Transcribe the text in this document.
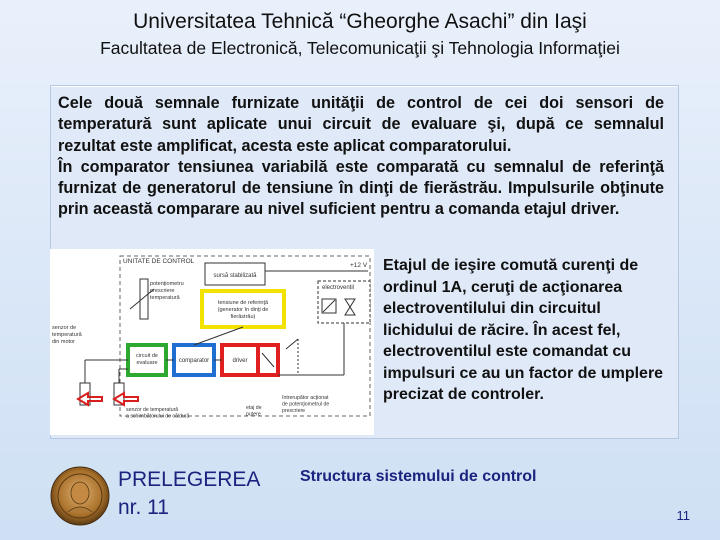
Universitatea Tehnică “Gheorghe Asachi” din Iaşi
Facultatea de Electronică, Telecomunicaţii şi Tehnologia Informaţiei

Cele două semnale furnizate unităţii de control de cei doi sensori de temperatură sunt aplicate unui circuit de evaluare şi, după ce semnalul rezultat este amplificat, acesta este aplicat comparatorului.

În comparator tensiunea variabilă este comparată cu semnalul de referinţă furnizat de generatorul de tensiune în dinţi de fierăstrău. Impulsurile obţinute prin această comparare au nivel suficient pentru a comanda etajul driver.

UNITATE DE CONTROL
sursă stabilizată
+12 V
potenţiometru prescriere temperatură
tensiune de referinţă (generator în dinţi de fierăstrău)
electroventil
circuit de evaluare	comparator	driver
senzor de temperatură din motor
senzor de temperatură a schimbătorului de căldură
etaj de putere
întrerupător acţionat de potenţiometrul de prescriere
Etajul de ieşire comută curenţi de ordinul 1A, ceruţi de acţionarea electroventilului din circuitul lichidului de răcire. În acest fel, electroventilul este comandat cu impulsuri ce au un factor de umplere precizat de controler.
PRELEGEREA
nr. 11
Structura sistemului de control
11
